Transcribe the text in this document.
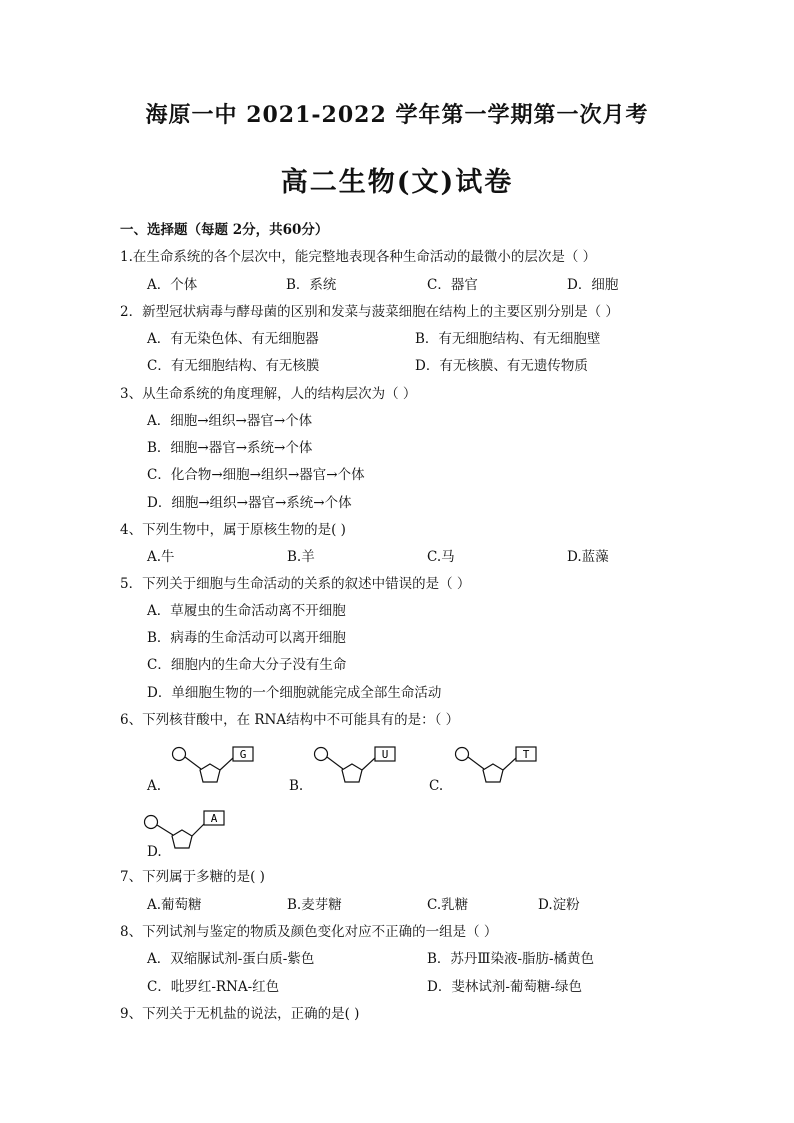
海原一中 2021-2022 学年第一学期第一次月考
高二生物(文)试卷
一、选择题（每题 2分，共60分）
1.在生命系统的各个层次中，能完整地表现各种生命活动的最微小的层次是（ ）
A．个体	B．系统	C．器官	D．细胞
2．新型冠状病毒与酵母菌的区别和发菜与菠菜细胞在结构上的主要区别分别是（ ）
A．有无染色体、有无细胞器	B．有无细胞结构、有无细胞壁
C．有无细胞结构、有无核膜	D．有无核膜、有无遗传物质
3、从生命系统的角度理解，人的结构层次为（ ）
A．细胞→组织→器官→个体
B．细胞→器官→系统→个体
C．化合物→细胞→组织→器官→个体
D．细胞→组织→器官→系统→个体
4、下列生物中，属于原核生物的是( )
A.牛	B.羊	C.马	D.蓝藻
5．下列关于细胞与生命活动的关系的叙述中错误的是（ ）
A．草履虫的生命活动离不开细胞
B．病毒的生命活动可以离开细胞
C．细胞内的生命大分子没有生命
D．单细胞生物的一个细胞就能完成全部生命活动
6、下列核苷酸中，在 RNA结构中不可能具有的是：（ ）
A.
G
B.
U
C.
T
D.
A
7、下列属于多糖的是( )
A.葡萄糖	B.麦芽糖	C.乳糖	D.淀粉
8、下列试剂与鉴定的物质及颜色变化对应不正确的一组是（ ）
A．双缩脲试剂-蛋白质-紫色	B．苏丹Ⅲ染液-脂肪-橘黄色
C．吡罗红-RNA-红色	D．斐林试剂-葡萄糖-绿色
9、下列关于无机盐的说法，正确的是( )
